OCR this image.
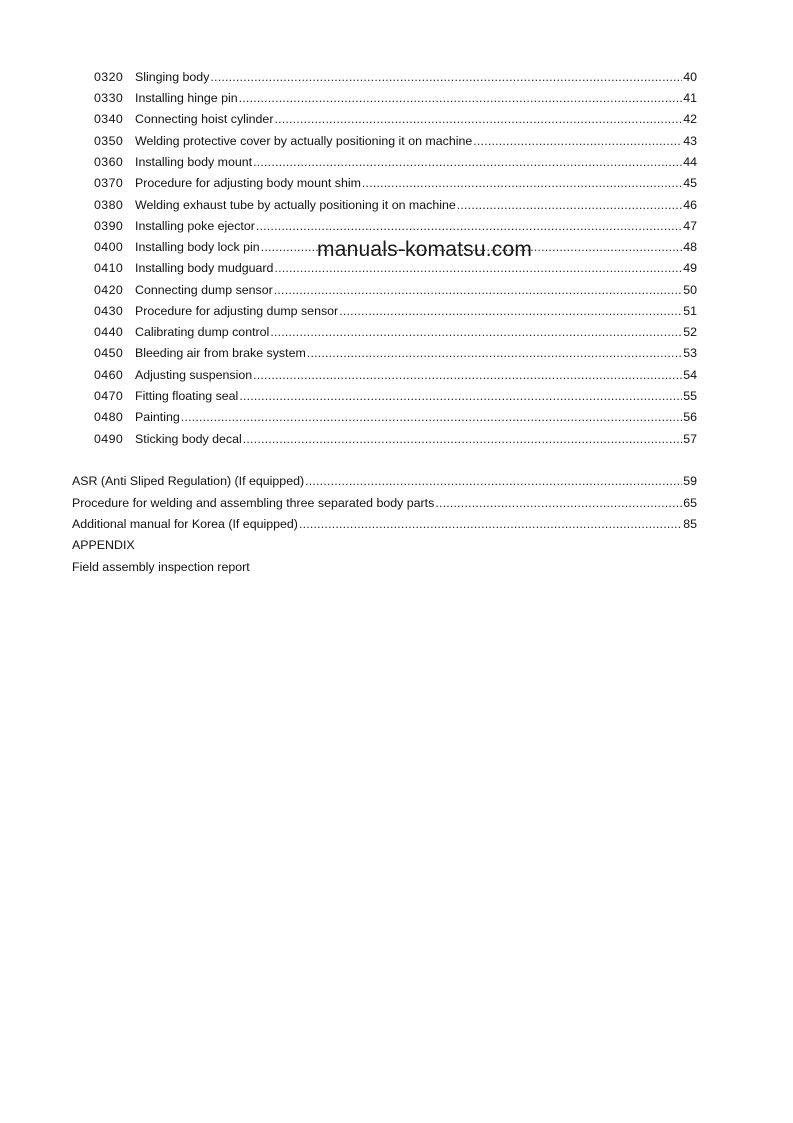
0320 Slinging body .....	40
0330 Installing hinge pin .....	41
0340 Connecting hoist cylinder .....	42
0350 Welding protective cover by actually positioning it on machine .....	43
0360 Installing body mount .....	44
0370 Procedure for adjusting body mount shim .....	45
0380 Welding exhaust tube by actually positioning it on machine .....	46
0390 Installing poke ejector .....	47
0400 Installing body lock pin .....	48
0410 Installing body mudguard .....	49
0420 Connecting dump sensor .....	50
0430 Procedure for adjusting dump sensor .....	51
0440 Calibrating dump control .....	52
0450 Bleeding air from brake system .....	53
0460 Adjusting suspension .....	54
0470 Fitting floating seal .....	55
0480 Painting .....	56
0490 Sticking body decal .....	57
ASR (Anti Sliped Regulation) (If equipped) .....	59
Procedure for welding and assembling three separated body parts .....	65
Additional manual for Korea (If equipped) .....	85
APPENDIX
Field assembly inspection report
manuals-komatsu.com
